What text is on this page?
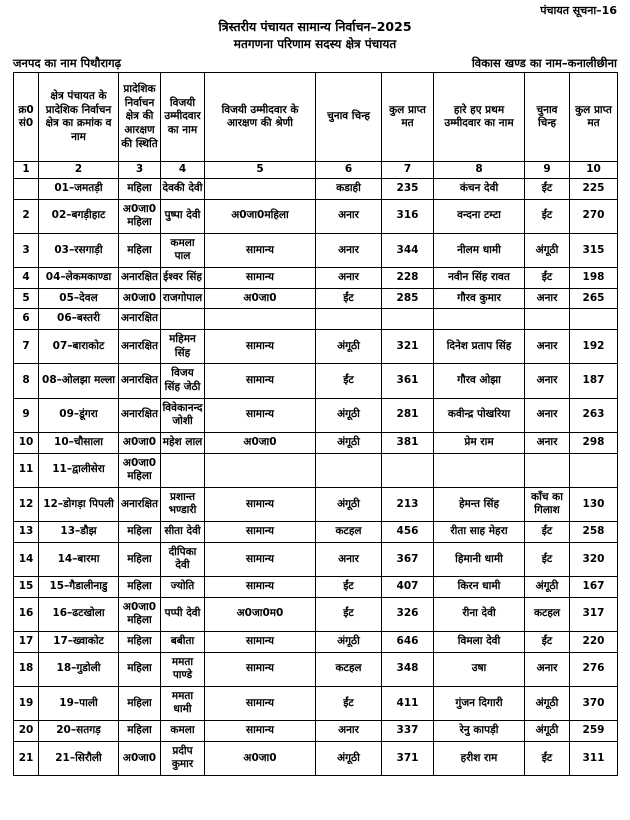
पंचायत सूचना–16
त्रिस्तरीय पंचायत सामान्य निर्वाचन–2025
मतगणना परिणाम सदस्य क्षेत्र पंचायत
जनपद का नाम पिथौरागढ़	विकास खण्ड का नाम–कनालीछीना
क्र0 सं0	क्षेत्र पंचायत के प्रादेशिक निर्वाचन क्षेत्र का क्रमांक व नाम	प्रादेशिक निर्वाचन क्षेत्र की आरक्षण की स्थिति	विजयी उम्मीदवार का नाम	विजयी उम्मीदवार के आरक्षण की श्रेणी	चुनाव चिन्ह	कुल प्राप्त मत	हारे हए प्रथम उम्मीदवार का नाम	चुनाव चिन्ह	कुल प्राप्त मत
1	2	3	4	5	6	7	8	9	10
	01–जमतड़ी	महिला	देवकी देवी		कडाही	235	कंचन देवी	ईंट	225
2	02–बगड़ीहाट	अ0जा0महिला	पुष्पा देवी	अ0जा0महिला	अनार	316	वन्दना टम्टा	ईंट	270
3	03–रसगाड़ी	महिला	कमला पाल	सामान्य	अनार	344	नीलम धामी	अंगूठी	315
4	04–लेकमकाण्डा	अनारक्षित	ईश्वर सिंह	सामान्य	अनार	228	नवीन सिंह रावत	ईंट	198
5	05–देवल	अ0जा0	राजगोपाल	अ0जा0	ईंट	285	गौरव कुमार	अनार	265
6	06–बस्तरी	अनारक्षित							
7	07–बाराकोट	अनारक्षित	महिमन सिंह	सामान्य	अंगूठी	321	दिनेश प्रताप सिंह	अनार	192
8	08–ओलझा मल्ला	अनारक्षित	विजय सिंह जेठी	सामान्य	ईंट	361	गौरव ओझा	अनार	187
9	09–डूंगरा	अनारक्षित	विवेकानन्द जोशी	सामान्य	अंगूठी	281	कवीन्द्र पोखरिया	अनार	263
10	10–चौसाला	अ0जा0	महेश लाल	अ0जा0	अंगूठी	381	प्रेम राम	अनार	298
11	11–द्वालीसेरा	अ0जा0 महिला							
12	12–डोगड़ा पिपली	अनारक्षित	प्रशान्त भण्डारी	सामान्य	अंगूठी	213	हेमन्त सिंह	काँच का गिलाश	130
13	13–डौझ	महिला	सीता देवी	सामान्य	कटहल	456	रीता साह मेहरा	ईंट	258
14	14–बारमा	महिला	दीपिका देवी	सामान्य	अनार	367	हिमानी धामी	ईंट	320
15	15–गैडालीनाडु	महिला	ज्योति	सामान्य	ईंट	407	किरन धामी	अंगूठी	167
16	16–ढटखोला	अ0जा0महिला	पप्पी देवी	अ0जा0म0	ईंट	326	रीना देवी	कटहल	317
17	17–ख्वाकोट	महिला	बबीता	सामान्य	अंगूठी	646	विमला देवी	ईंट	220
18	18–गुडोली	महिला	ममता पाण्डे	सामान्य	कटहल	348	उषा	अनार	276
19	19–पाली	महिला	ममता धामी	सामान्य	ईंट	411	गुंजन दिगारी	अंगूठी	370
20	20–सतगड़	महिला	कमला	सामान्य	अनार	337	रेनु कापड़ी	अंगूठी	259
21	21–सिरौली	अ0जा0	प्रदीप कुमार	अ0जा0	अंगूठी	371	हरीश राम	ईंट	311
